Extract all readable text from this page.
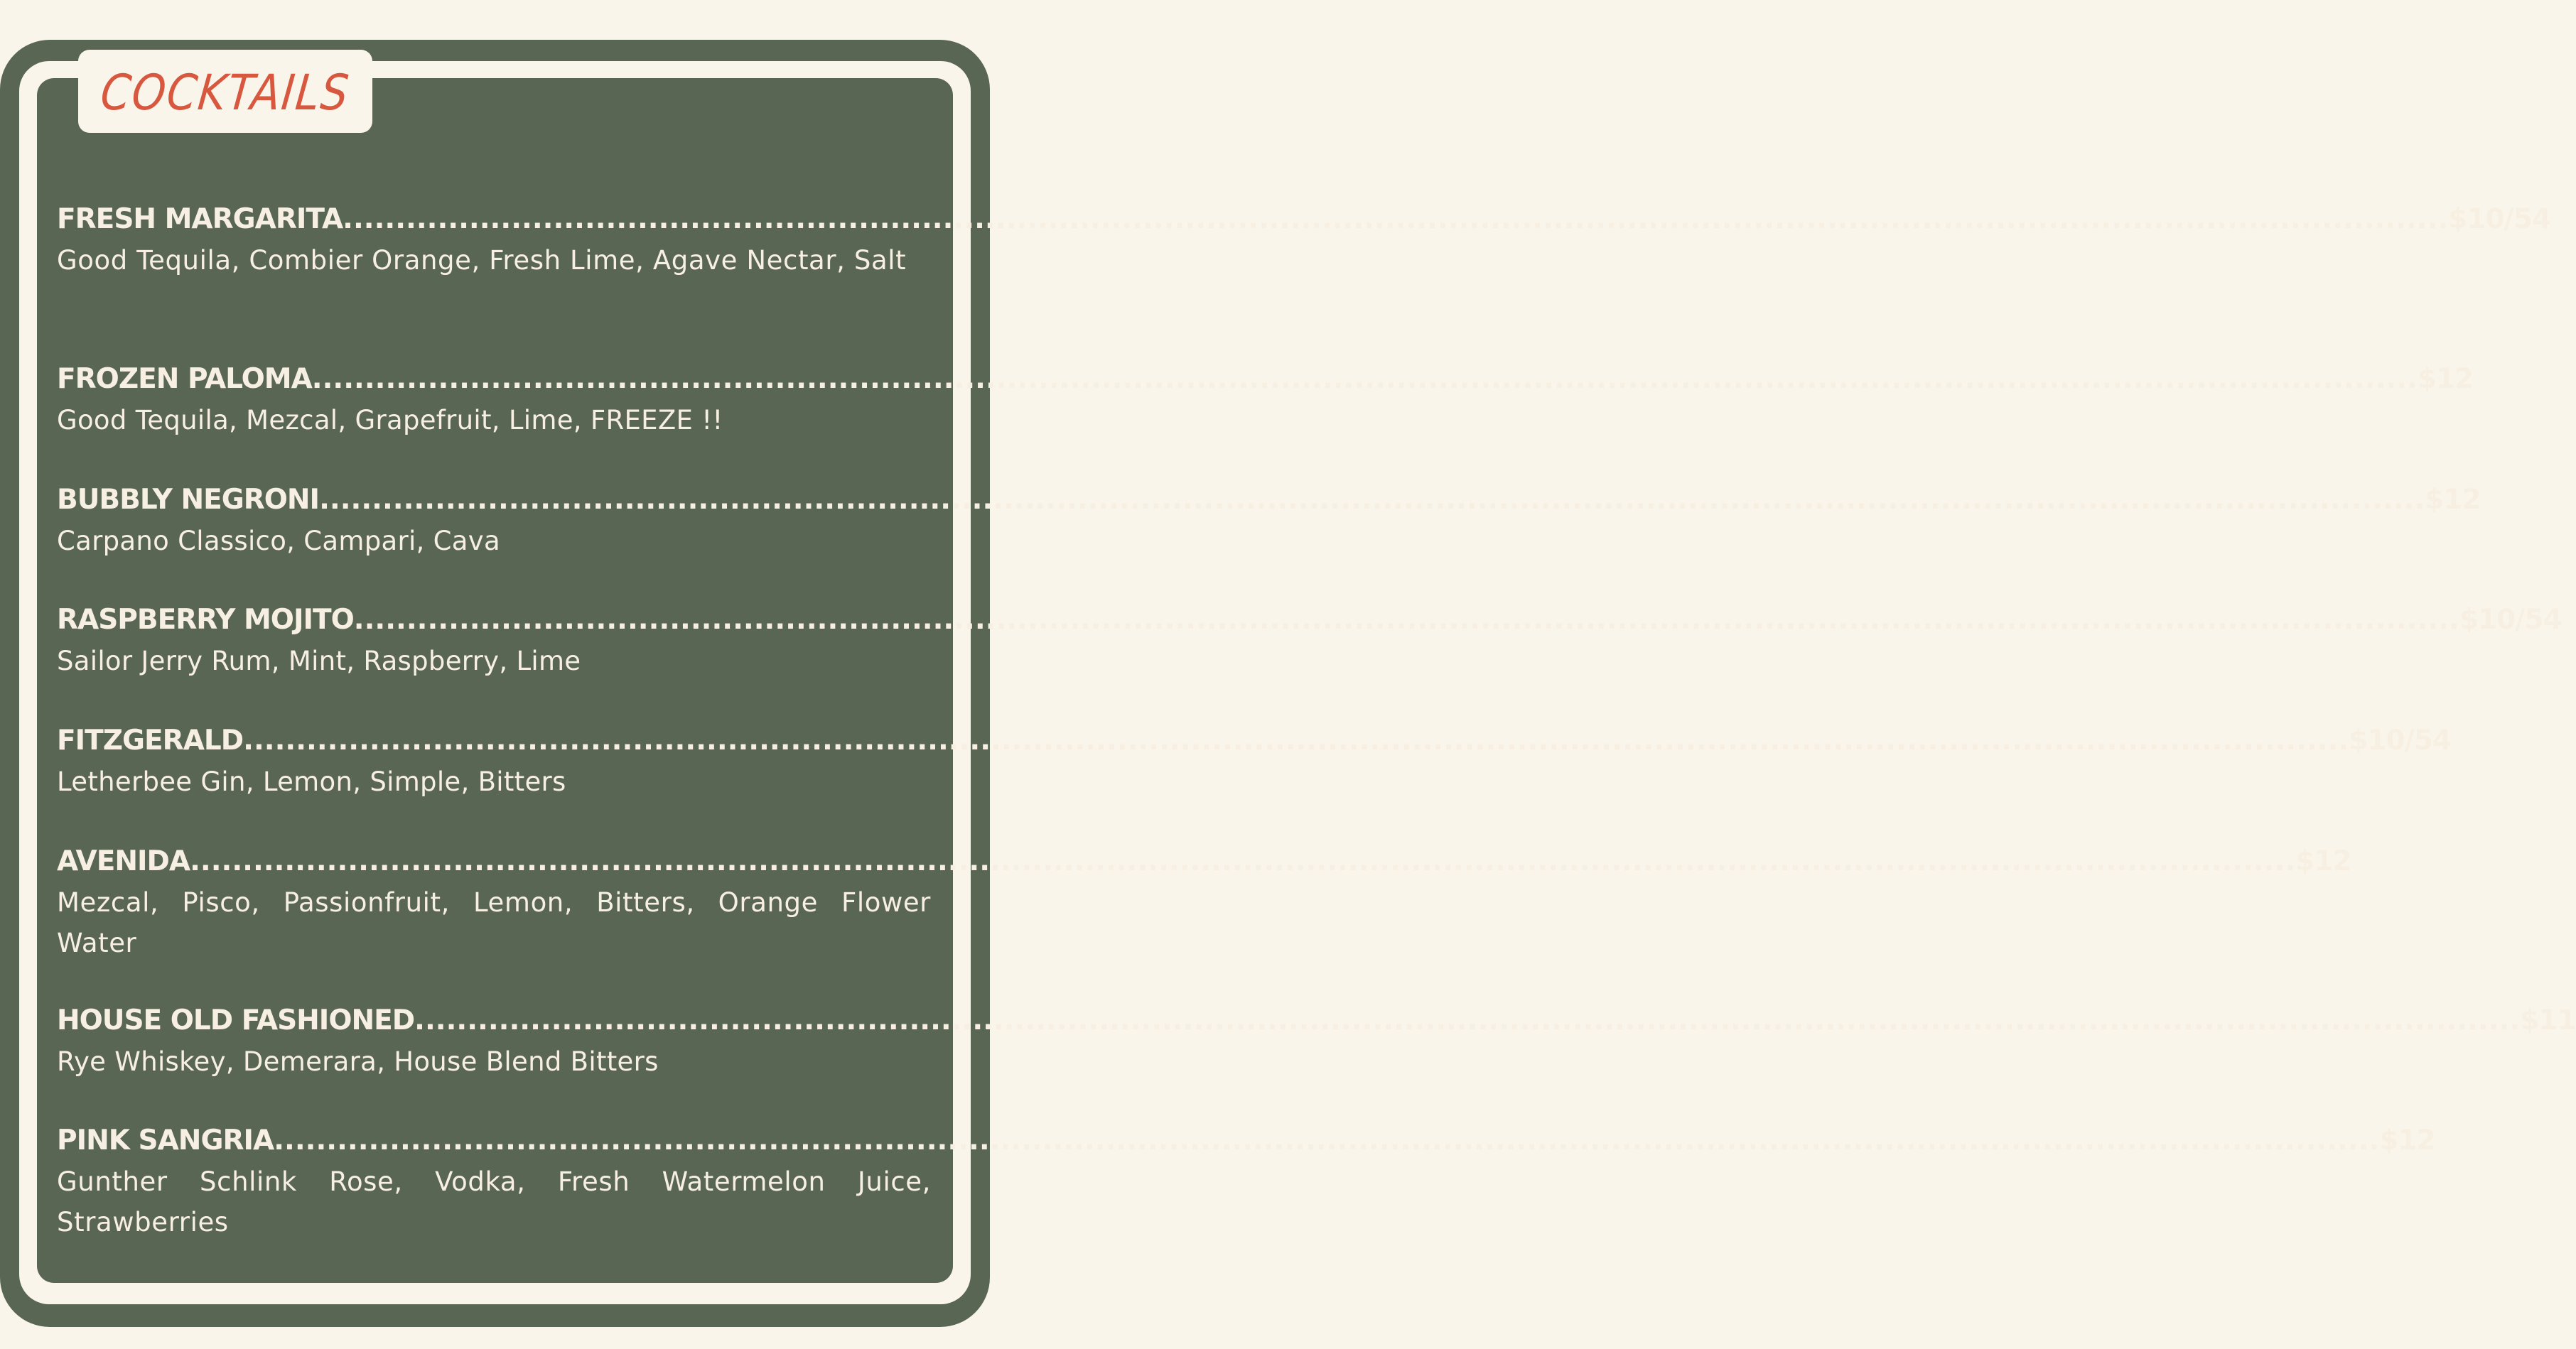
COCKTAILS
FRESH MARGARITA ........................................................................................................................................................................................................ $10/54
Good Tequila, Combier Orange, Fresh Lime, Agave Nectar, Salt
FROZEN PALOMA ........................................................................................................................................................................................................ $12
Good Tequila, Mezcal, Grapefruit, Lime, FREEZE !!
BUBBLY NEGRONI ........................................................................................................................................................................................................ $12
Carpano Classico, Campari, Cava
RASPBERRY MOJITO ........................................................................................................................................................................................................ $10/54
Sailor Jerry Rum, Mint, Raspberry, Lime
FITZGERALD ........................................................................................................................................................................................................ $10/54
Letherbee Gin, Lemon, Simple, Bitters
AVENIDA ........................................................................................................................................................................................................ $12
Mezcal, Pisco, Passionfruit, Lemon, Bitters, Orange Flower Water
HOUSE OLD FASHIONED ........................................................................................................................................................................................................ $11
Rye Whiskey, Demerara, House Blend Bitters
PINK SANGRIA ........................................................................................................................................................................................................ $12
Gunther Schlink Rose, Vodka, Fresh Watermelon Juice, Strawberries
